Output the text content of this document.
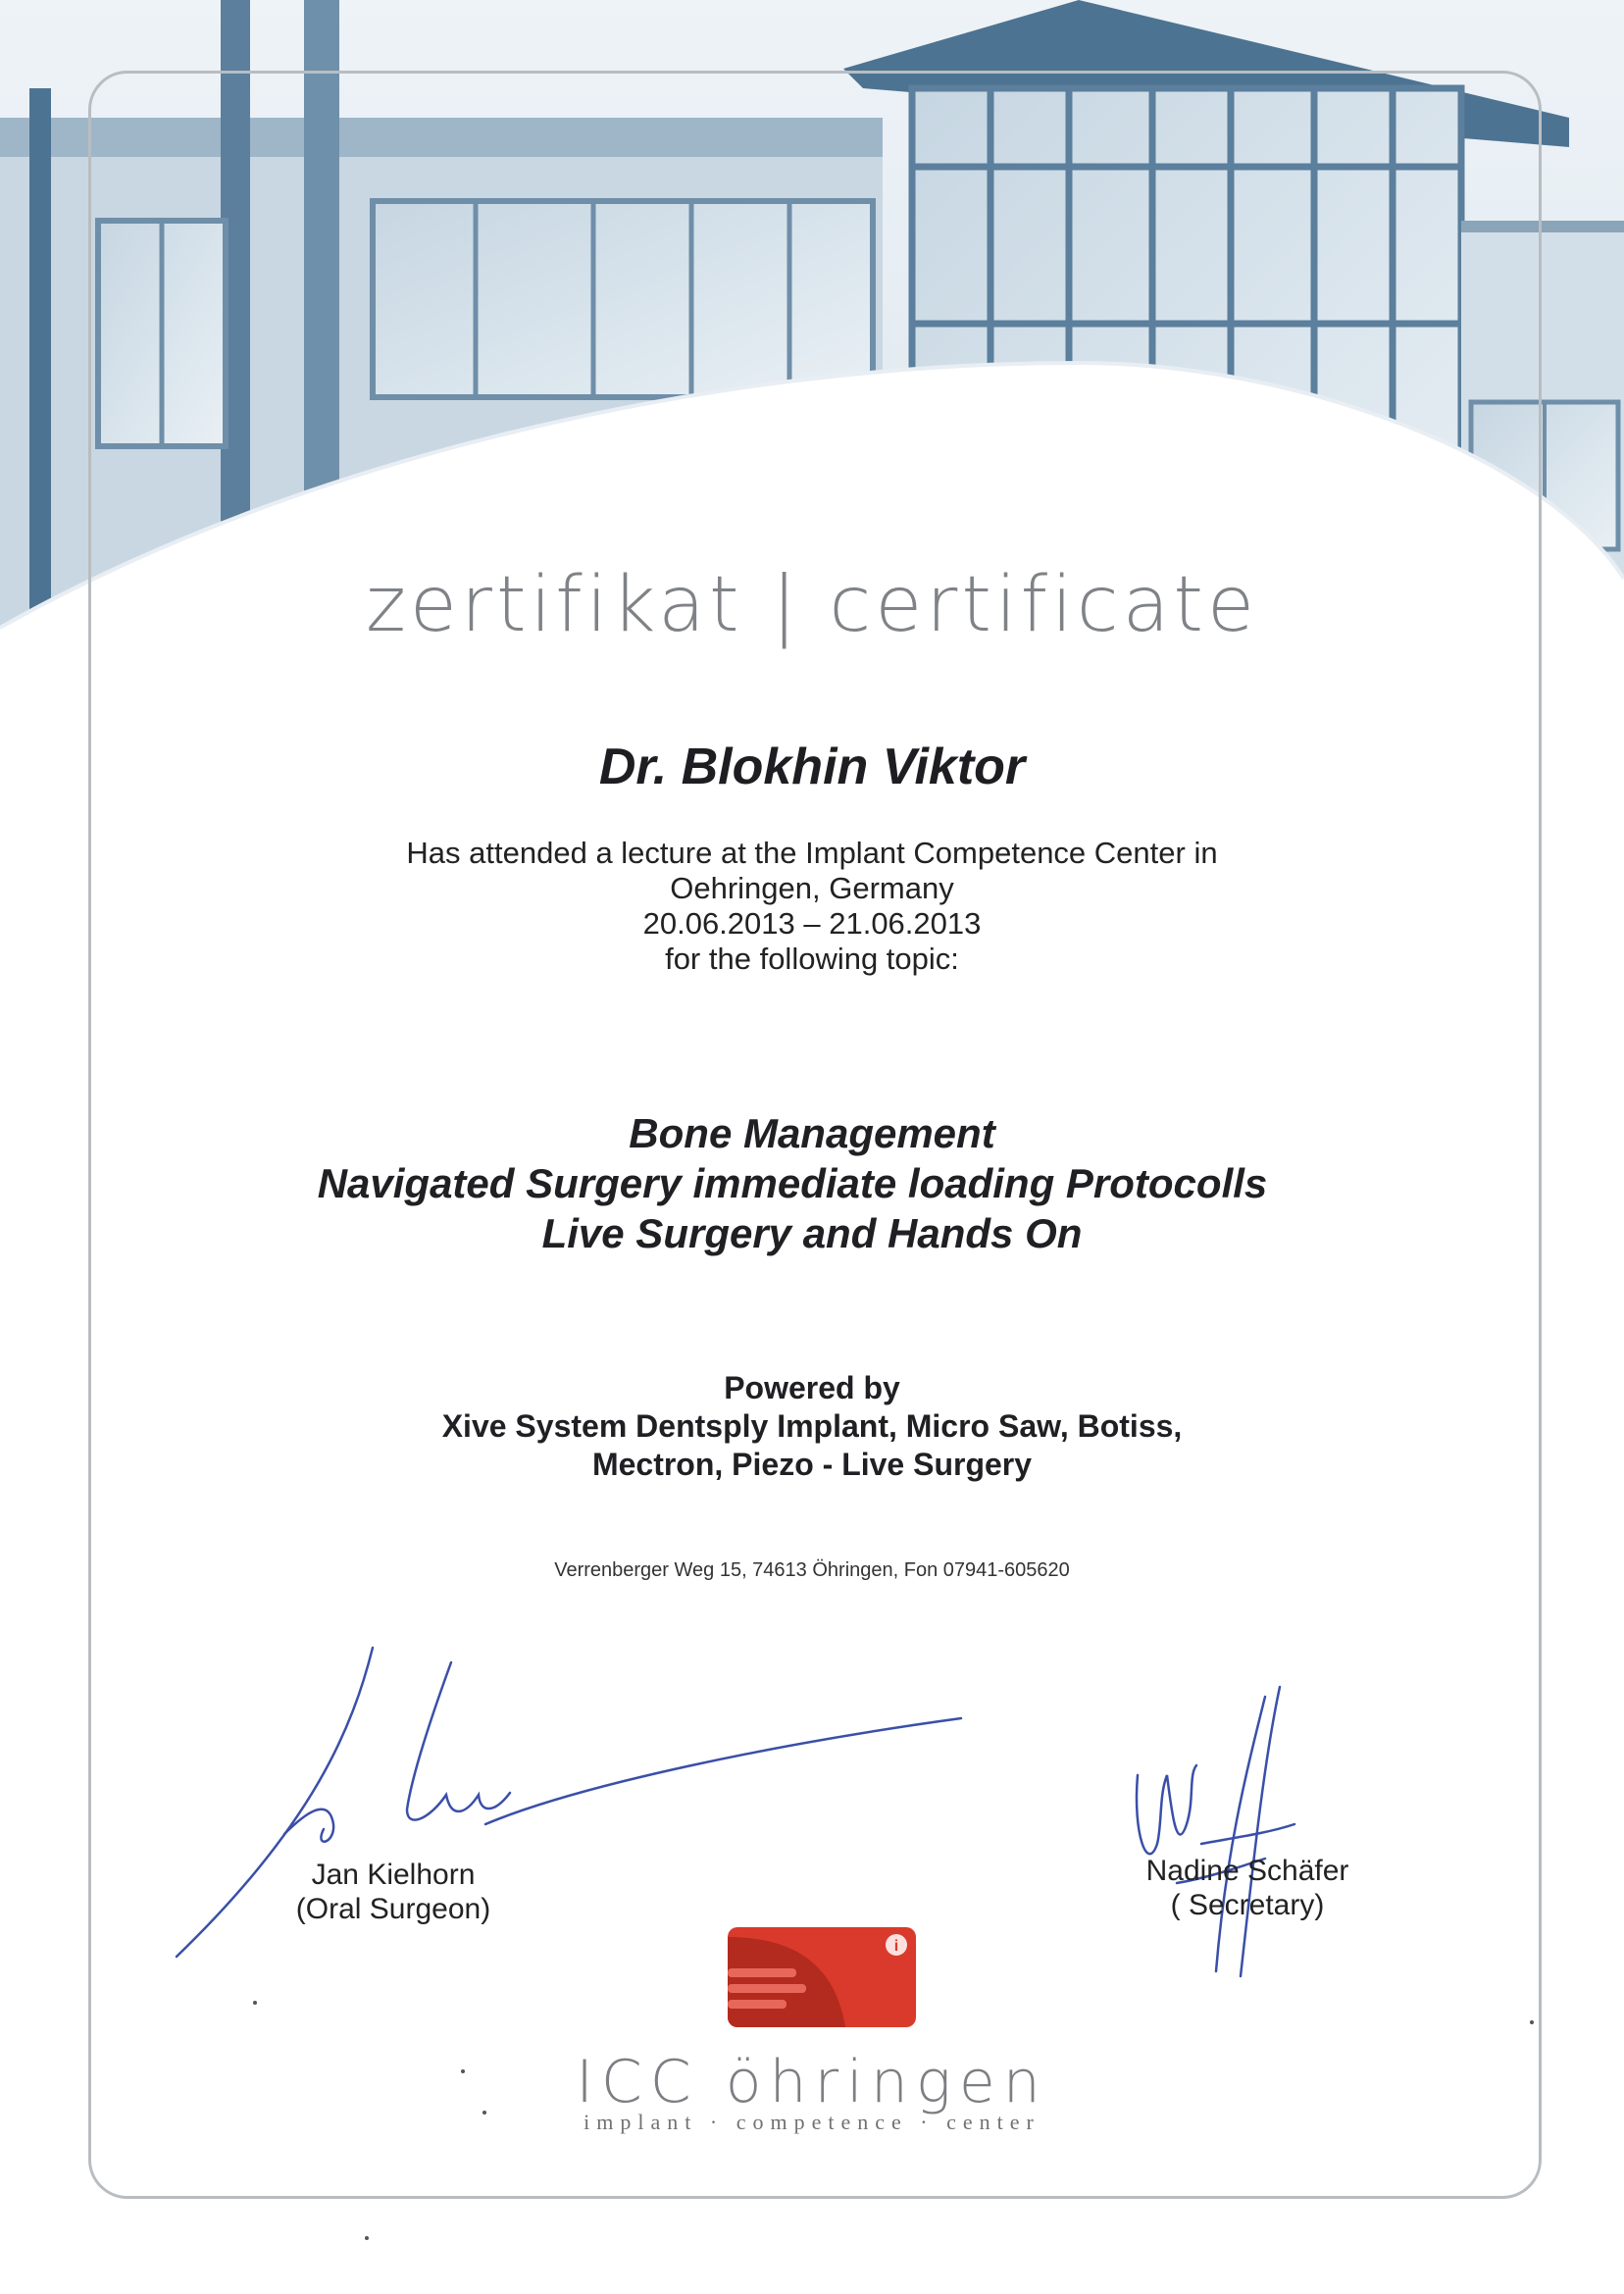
zertifikat | certificate
Dr. Blokhin Viktor
Has attended a lecture at the Implant Competence Center in
Oehringen, Germany
20.06.2013 – 21.06.2013
for the following topic:
Bone Management
Navigated Surgery immediate loading Protocolls
Live Surgery and Hands On
Powered by
Xive System Dentsply Implant, Micro Saw, Botiss,
Mectron, Piezo - Live Surgery
Verrenberger Weg 15, 74613 Öhringen, Fon 07941-605620
Jan Kielhorn
(Oral Surgeon)
Nadine Schäfer
( Secretary)
i
ICC öhringen
implant · competence · center
